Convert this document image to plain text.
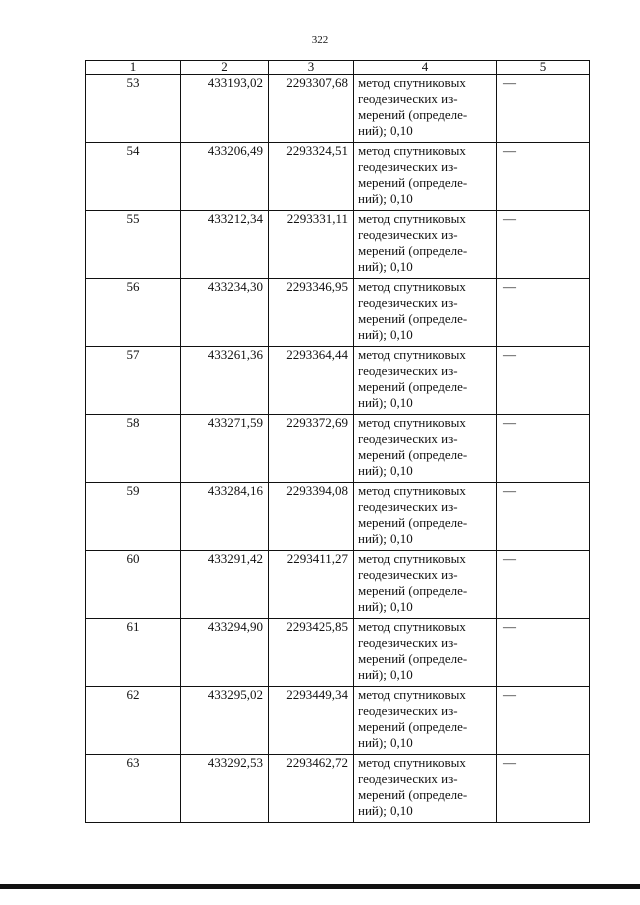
322
1	2	3	4	5
53	433193,02	2293307,68	метод спутниковых
геодезических из-
мерений (определе-
ний); 0,10	—
54	433206,49	2293324,51	метод спутниковых
геодезических из-
мерений (определе-
ний); 0,10	—
55	433212,34	2293331,11	метод спутниковых
геодезических из-
мерений (определе-
ний); 0,10	—
56	433234,30	2293346,95	метод спутниковых
геодезических из-
мерений (определе-
ний); 0,10	—
57	433261,36	2293364,44	метод спутниковых
геодезических из-
мерений (определе-
ний); 0,10	—
58	433271,59	2293372,69	метод спутниковых
геодезических из-
мерений (определе-
ний); 0,10	—
59	433284,16	2293394,08	метод спутниковых
геодезических из-
мерений (определе-
ний); 0,10	—
60	433291,42	2293411,27	метод спутниковых
геодезических из-
мерений (определе-
ний); 0,10	—
61	433294,90	2293425,85	метод спутниковых
геодезических из-
мерений (определе-
ний); 0,10	—
62	433295,02	2293449,34	метод спутниковых
геодезических из-
мерений (определе-
ний); 0,10	—
63	433292,53	2293462,72	метод спутниковых
геодезических из-
мерений (определе-
ний); 0,10	—
